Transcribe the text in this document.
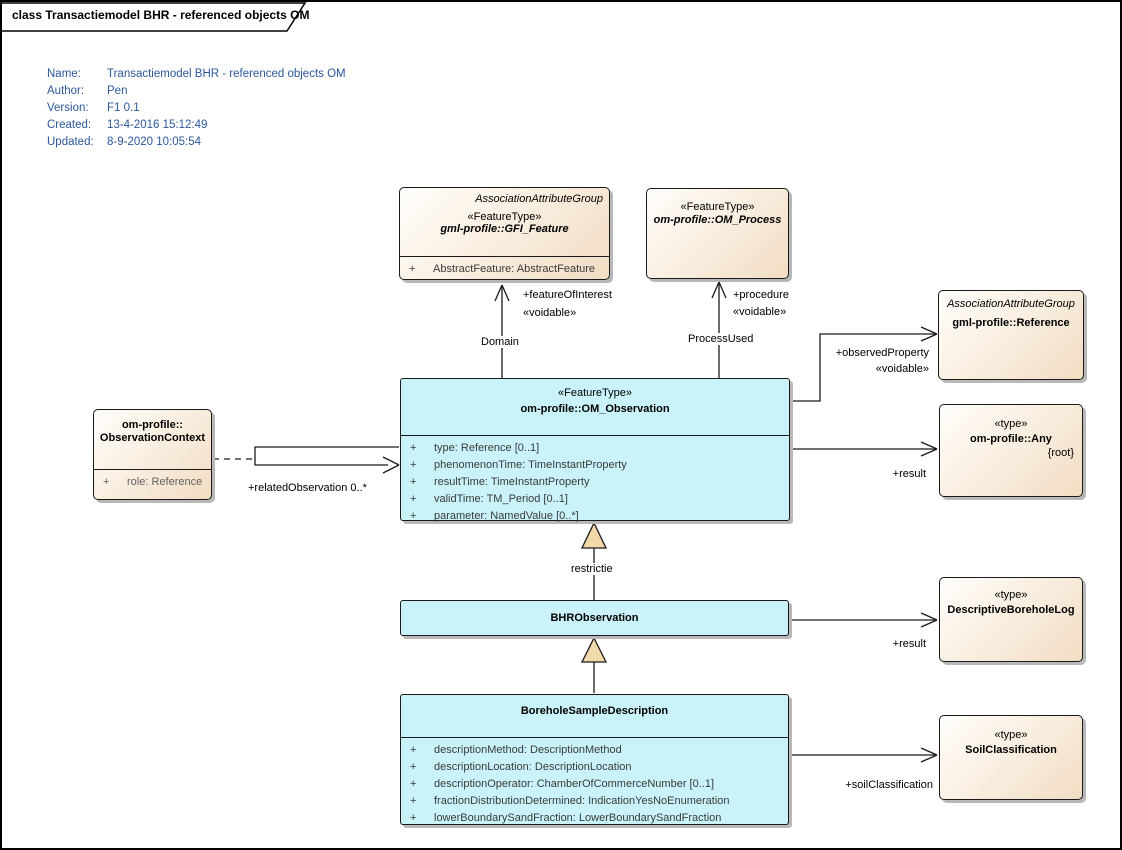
class Transactiemodel BHR - referenced objects OM
Name:	Transactiemodel BHR - referenced objects OM
Author:	Pen
Version:	F1 0.1
Created:	13-4-2016 15:12:49
Updated:	8-9-2020 10:05:54
AssociationAttributeGroup
«FeatureType»
gml-profile::GFI_Feature
+	AbstractFeature: AbstractFeature
«FeatureType»
om-profile::OM_Process
AssociationAttributeGroup
gml-profile::Reference
«FeatureType»
om-profile::OM_Observation
+	type: Reference [0..1]
+	phenomenonTime: TimeInstantProperty
+	resultTime: TimeInstantProperty
+	validTime: TM_Period [0..1]
+	parameter: NamedValue [0..*]
om-profile::
ObservationContext
+	role: Reference
«type»
om-profile::Any
{root}
BHRObservation
«type»
DescriptiveBoreholeLog
BoreholeSampleDescription
+	descriptionMethod: DescriptionMethod
+	descriptionLocation: DescriptionLocation
+	descriptionOperator: ChamberOfCommerceNumber [0..1]
+	fractionDistributionDetermined: IndicationYesNoEnumeration
+	lowerBoundarySandFraction: LowerBoundarySandFraction
«type»
SoilClassification
+featureOfInterest
«voidable»
Domain
+procedure
«voidable»
ProcessUsed
+observedProperty
«voidable»
+result
+relatedObservation 0..*
restrictie
+result
+soilClassification
